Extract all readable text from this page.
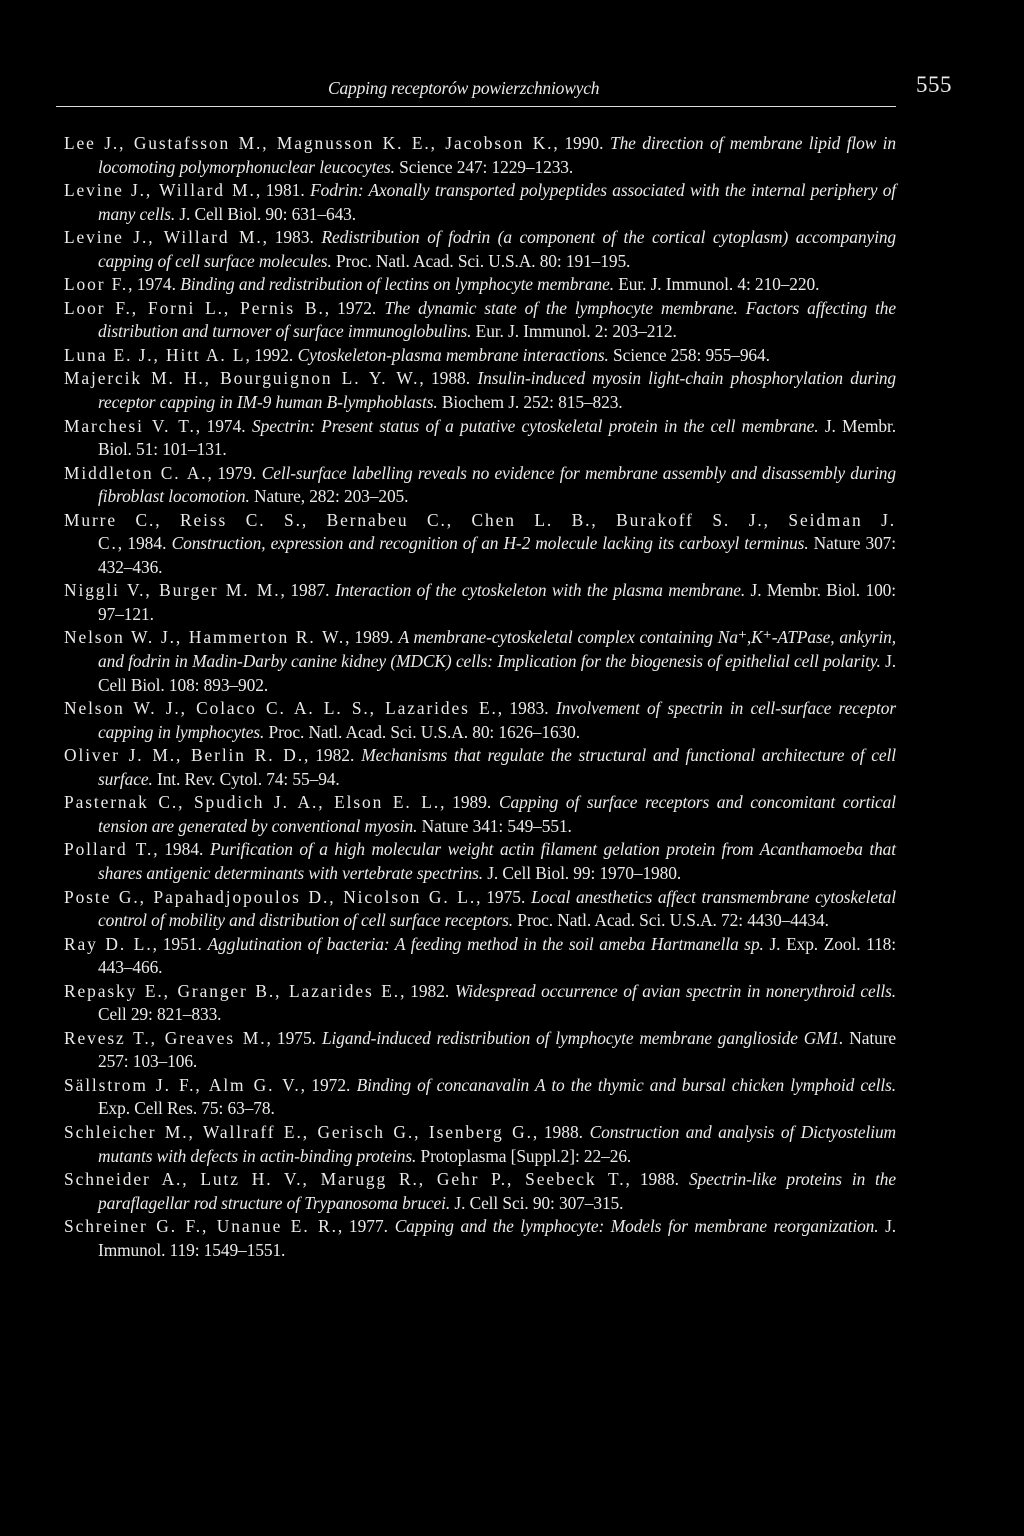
Capping receptorów powierzchniowych	555

Lee J., Gustafsson M., Magnusson K. E., Jacobson K., 1990. The direction of membrane lipid flow in locomoting polymorphonuclear leucocytes. Science 247: 1229–1233.

Levine J., Willard M., 1981. Fodrin: Axonally transported polypeptides associated with the internal periphery of many cells. J. Cell Biol. 90: 631–643.

Levine J., Willard M., 1983. Redistribution of fodrin (a component of the cortical cytoplasm) accompanying capping of cell surface molecules. Proc. Natl. Acad. Sci. U.S.A. 80: 191–195.

Loor F., 1974. Binding and redistribution of lectins on lymphocyte membrane. Eur. J. Immunol. 4: 210–220.

Loor F., Forni L., Pernis B., 1972. The dynamic state of the lymphocyte membrane. Factors affecting the distribution and turnover of surface immunoglobulins. Eur. J. Immunol. 2: 203–212.

Luna E. J., Hitt A. L, 1992. Cytoskeleton-plasma membrane interactions. Science 258: 955–964.

Majercik M. H., Bourguignon L. Y. W., 1988. Insulin-induced myosin light-chain phosphorylation during receptor capping in IM-9 human B-lymphoblasts. Biochem J. 252: 815–823.

Marchesi V. T., 1974. Spectrin: Present status of a putative cytoskeletal protein in the cell membrane. J. Membr. Biol. 51: 101–131.

Middleton C. A., 1979. Cell-surface labelling reveals no evidence for membrane assembly and disassembly during fibroblast locomotion. Nature, 282: 203–205.

Murre C., Reiss C. S., Bernabeu C., Chen L. B., Burakoff S. J., Seidman J. C., 1984. Construction, expression and recognition of an H-2 molecule lacking its carboxyl terminus. Nature 307: 432–436.

Niggli V., Burger M. M., 1987. Interaction of the cytoskeleton with the plasma membrane. J. Membr. Biol. 100: 97–121.

Nelson W. J., Hammerton R. W., 1989. A membrane-cytoskeletal complex containing Na⁺,K⁺-ATPase, ankyrin, and fodrin in Madin-Darby canine kidney (MDCK) cells: Implication for the biogenesis of epithelial cell polarity. J. Cell Biol. 108: 893–902.

Nelson W. J., Colaco C. A. L. S., Lazarides E., 1983. Involvement of spectrin in cell-surface receptor capping in lymphocytes. Proc. Natl. Acad. Sci. U.S.A. 80: 1626–1630.

Oliver J. M., Berlin R. D., 1982. Mechanisms that regulate the structural and functional architecture of cell surface. Int. Rev. Cytol. 74: 55–94.

Pasternak C., Spudich J. A., Elson E. L., 1989. Capping of surface receptors and concomitant cortical tension are generated by conventional myosin. Nature 341: 549–551.

Pollard T., 1984. Purification of a high molecular weight actin filament gelation protein from Acanthamoeba that shares antigenic determinants with vertebrate spectrins. J. Cell Biol. 99: 1970–1980.

Poste G., Papahadjopoulos D., Nicolson G. L., 1975. Local anesthetics affect transmembrane cytoskeletal control of mobility and distribution of cell surface receptors. Proc. Natl. Acad. Sci. U.S.A. 72: 4430–4434.

Ray D. L., 1951. Agglutination of bacteria: A feeding method in the soil ameba Hartmanella sp. J. Exp. Zool. 118: 443–466.

Repasky E., Granger B., Lazarides E., 1982. Widespread occurrence of avian spectrin in nonerythroid cells. Cell 29: 821–833.

Revesz T., Greaves M., 1975. Ligand-induced redistribution of lymphocyte membrane ganglioside GM1. Nature 257: 103–106.

Sällstrom J. F., Alm G. V., 1972. Binding of concanavalin A to the thymic and bursal chicken lymphoid cells. Exp. Cell Res. 75: 63–78.

Schleicher M., Wallraff E., Gerisch G., Isenberg G., 1988. Construction and analysis of Dictyostelium mutants with defects in actin-binding proteins. Protoplasma [Suppl.2]: 22–26.

Schneider A., Lutz H. V., Marugg R., Gehr P., Seebeck T., 1988. Spectrin-like proteins in the paraflagellar rod structure of Trypanosoma brucei. J. Cell Sci. 90: 307–315.

Schreiner G. F., Unanue E. R., 1977. Capping and the lymphocyte: Models for membrane reorganization. J. Immunol. 119: 1549–1551.
